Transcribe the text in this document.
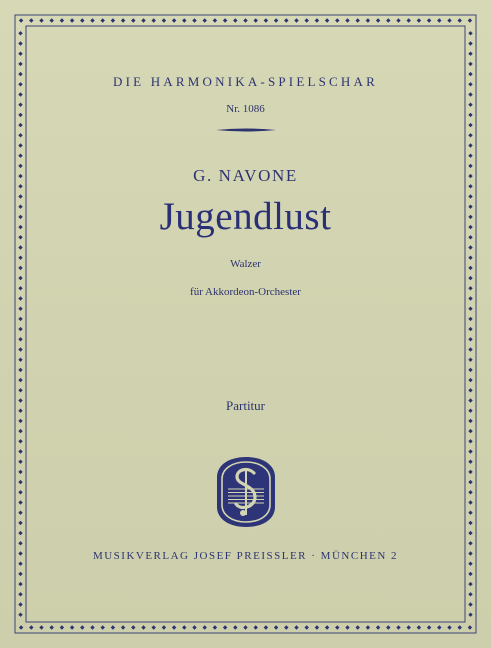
DIE HARMONIKA-SPIELSCHAR
Nr. 1086
G. NAVONE
Jugendlust
Walzer
für Akkordeon-Orchester
Partitur
MUSIKVERLAG JOSEF PREISSLER · MÜNCHEN 2
